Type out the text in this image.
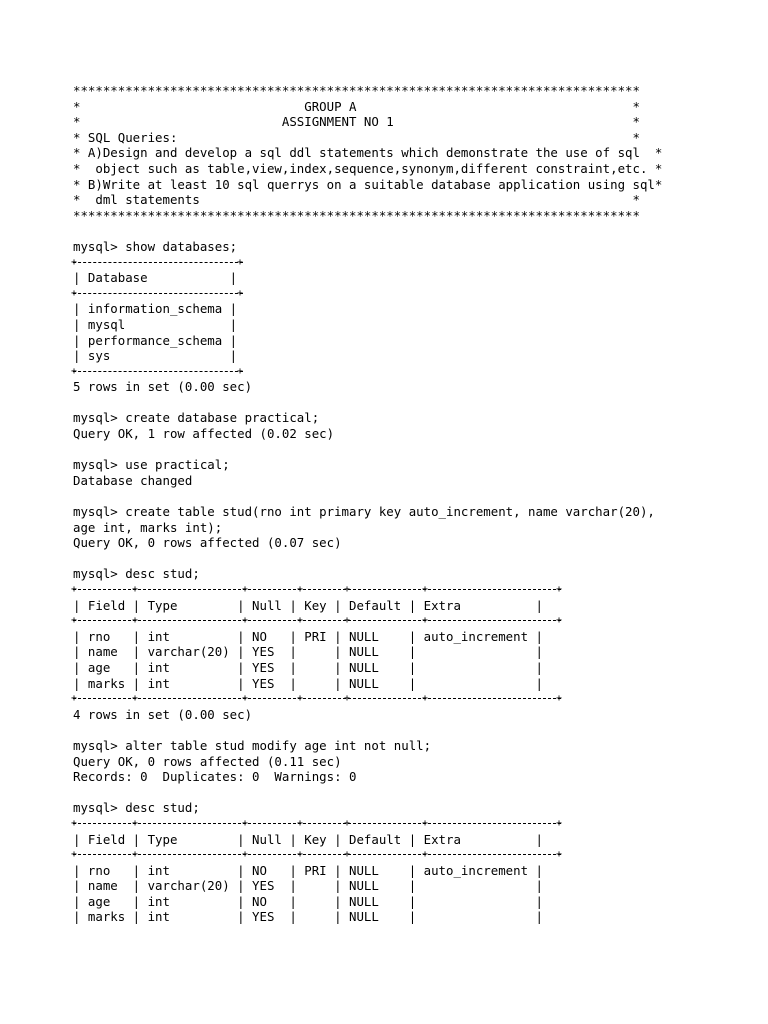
****************************************************************************
*                              GROUP A                                     *
*                           ASSIGNMENT NO 1                                *
* SQL Queries:                                                             *
* A)Design and develop a sql ddl statements which demonstrate the use of sql  *
*  object such as table,view,index,sequence,synonym,different constraint,etc. *
* B)Write at least 10 sql querrys on a suitable database application using sql*
*  dml statements                                                          *
****************************************************************************
mysql> show databases;
+	+
| Database           |
+	+
| information_schema |
| mysql              |
| performance_schema |
| sys                |
+	+
5 rows in set (0.00 sec)
mysql> create database practical;
Query OK, 1 row affected (0.02 sec)
mysql> use practical;
Database changed
mysql> create table stud(rno int primary key auto_increment, name varchar(20),
age int, marks int);
Query OK, 0 rows affected (0.07 sec)
mysql> desc stud;
+	+	+	+	+	+	+
| Field | Type        | Null | Key | Default | Extra          |
+	+	+	+	+	+	+
| rno   | int         | NO   | PRI | NULL    | auto_increment |
| name  | varchar(20) | YES  |     | NULL    |                |
| age   | int         | YES  |     | NULL    |                |
| marks | int         | YES  |     | NULL    |                |
+	+	+	+	+	+	+
4 rows in set (0.00 sec)
mysql> alter table stud modify age int not null;
Query OK, 0 rows affected (0.11 sec)
Records: 0  Duplicates: 0  Warnings: 0
mysql> desc stud;
+	+	+	+	+	+	+
| Field | Type        | Null | Key | Default | Extra          |
+	+	+	+	+	+	+
| rno   | int         | NO   | PRI | NULL    | auto_increment |
| name  | varchar(20) | YES  |     | NULL    |                |
| age   | int         | NO   |     | NULL    |                |
| marks | int         | YES  |     | NULL    |                |
